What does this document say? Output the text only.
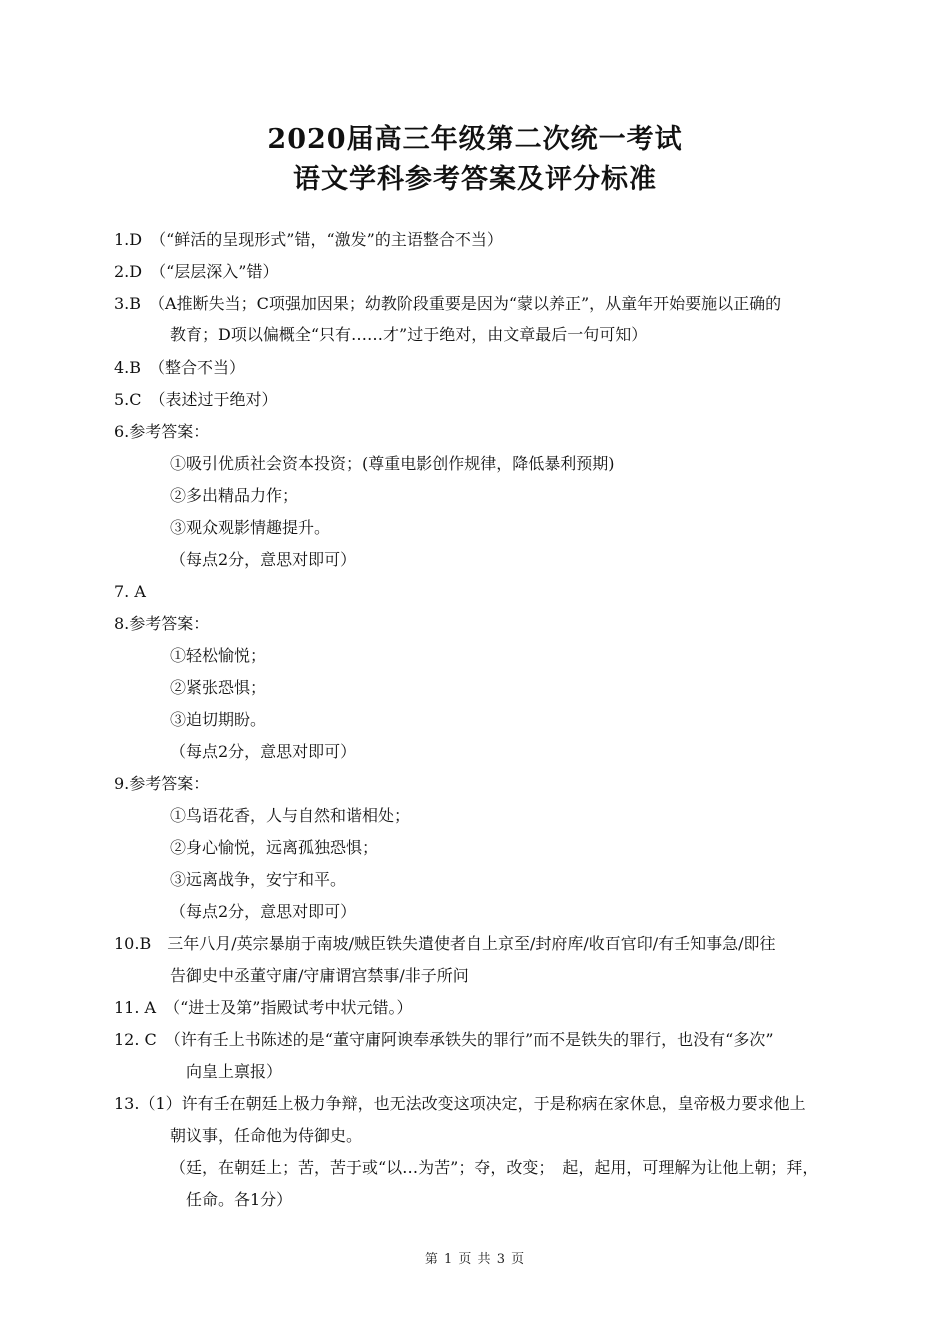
2020届高三年级第二次统一考试
语文学科参考答案及评分标准
1.D　（“鲜活的呈现形式”错，“激发”的主语整合不当）
2.D　（“层层深入”错）
3.B　（A推断失当；C项强加因果；幼教阶段重要是因为“蒙以养正”，从童年开始要施以正确的
教育；D项以偏概全“只有……才”过于绝对，由文章最后一句可知）
4.B　（整合不当）
5.C　（表述过于绝对）
6.参考答案：
①吸引优质社会资本投资；(尊重电影创作规律，降低暴利预期)
②多出精品力作；
③观众观影情趣提升。
（每点2分，意思对即可）
7. A
8.参考答案：
①轻松愉悦；
②紧张恐惧；
③迫切期盼。
（每点2分，意思对即可）
9.参考答案：
①鸟语花香，人与自然和谐相处；
②身心愉悦，远离孤独恐惧；
③远离战争，安宁和平。
（每点2分，意思对即可）
10.B　三年八月/英宗暴崩于南坡/贼臣铁失遣使者自上京至/封府库/收百官印/有壬知事急/即往
告御史中丞董守庸/守庸谓宫禁事/非子所问
11. A　（“进士及第”指殿试考中状元错。）
12. C　（许有壬上书陈述的是“董守庸阿谀奉承铁失的罪行”而不是铁失的罪行，也没有“多次”
向皇上禀报）
13.（1）许有壬在朝廷上极力争辩，也无法改变这项决定，于是称病在家休息，皇帝极力要求他上
朝议事，任命他为侍御史。
（廷，在朝廷上；苦，苦于或“以…为苦”；夺，改变；　起，起用，可理解为让他上朝；拜，
任命。各1分）
第 1 页 共 3 页
